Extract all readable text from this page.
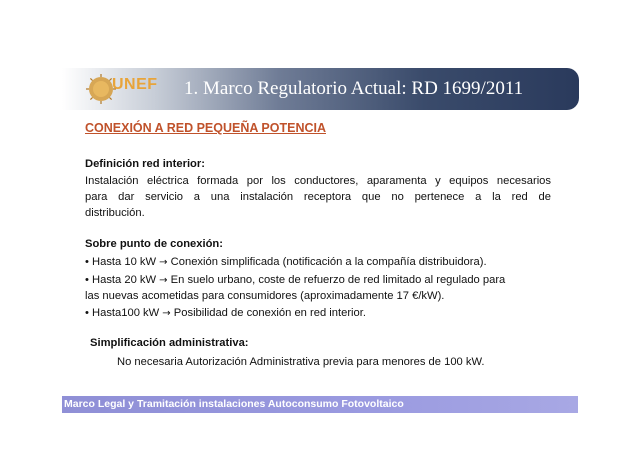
UNEF 1. Marco Regulatorio Actual: RD 1699/2011
CONEXIÓN A RED PEQUEÑA POTENCIA
Definición red interior:
Instalación eléctrica formada por los conductores, aparamenta y equipos necesarios
para dar servicio a una instalación receptora que no pertenece a la red de
distribución.
Sobre punto de conexión:
• Hasta 10 kW → Conexión simplificada (notificación a la compañía distribuidora).
• Hasta 20 kW → En suelo urbano, coste de refuerzo de red limitado al regulado para
las nuevas acometidas para consumidores (aproximadamente 17 €/kW).
• Hasta100 kW → Posibilidad de conexión en red interior.
Simplificación administrativa:
No necesaria Autorización Administrativa previa para menores de 100 kW.
Marco Legal y Tramitación instalaciones Autoconsumo Fotovoltaico
